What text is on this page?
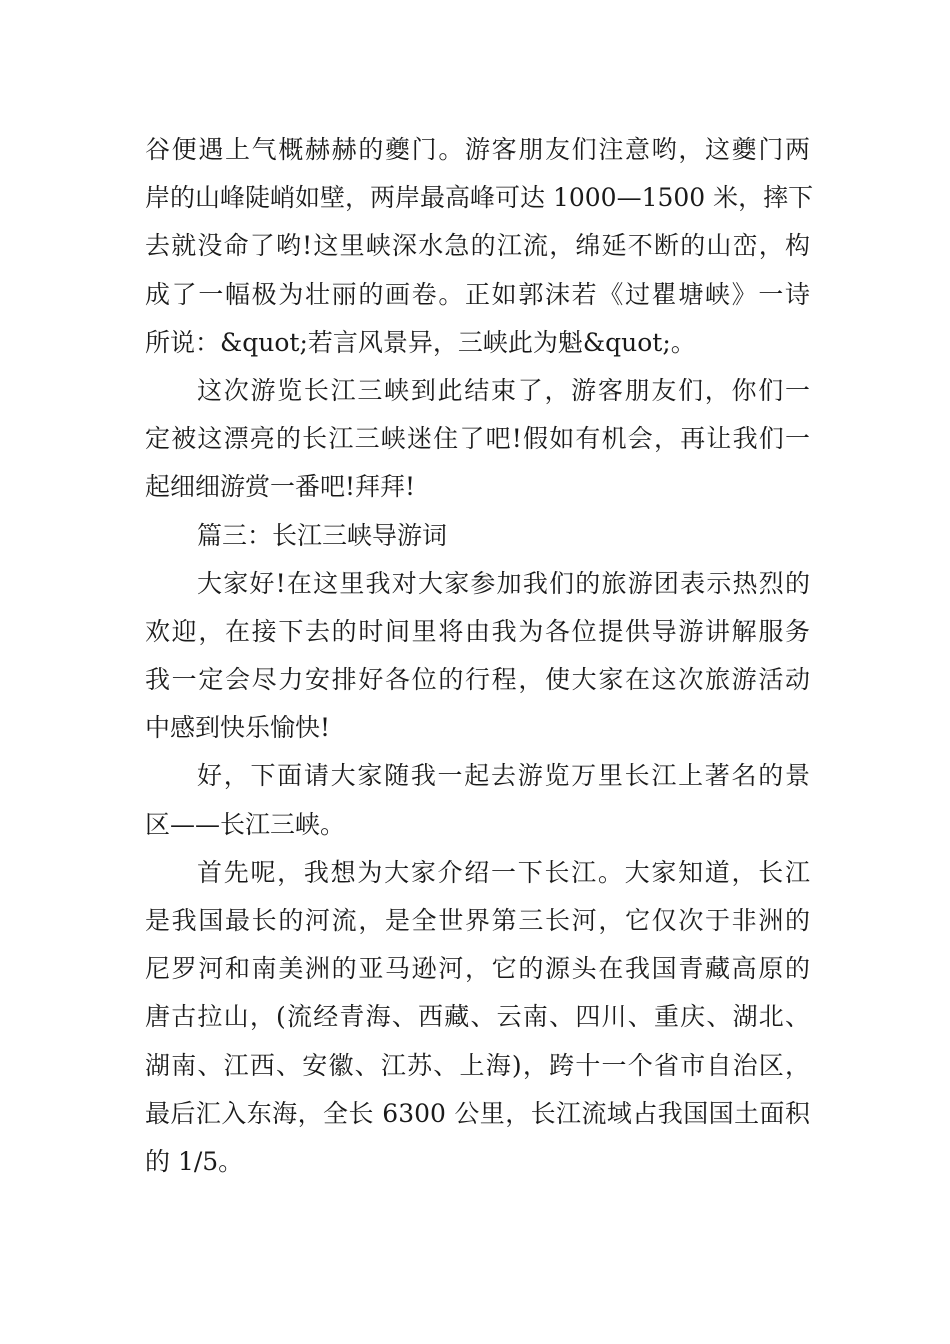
谷便遇上气概赫赫的夔门。游客朋友们注意哟，这夔门两
岸的山峰陡峭如壁，两岸最高峰可达 1000—1500 米，摔下
去就没命了哟!这里峡深水急的江流，绵延不断的山峦，构
成了一幅极为壮丽的画卷。正如郭沫若《过瞿塘峡》一诗
所说：&quot;若言风景异，三峡此为魁&quot;。
这次游览长江三峡到此结束了，游客朋友们，你们一
定被这漂亮的长江三峡迷住了吧!假如有机会，再让我们一
起细细游赏一番吧!拜拜!
篇三：长江三峡导游词
大家好!在这里我对大家参加我们的旅游团表示热烈的
欢迎，在接下去的时间里将由我为各位提供导游讲解服务
我一定会尽力安排好各位的行程，使大家在这次旅游活动
中感到快乐愉快!
好，下面请大家随我一起去游览万里长江上著名的景
区——长江三峡。
首先呢，我想为大家介绍一下长江。大家知道，长江
是我国最长的河流，是全世界第三长河，它仅次于非洲的
尼罗河和南美洲的亚马逊河，它的源头在我国青藏高原的
唐古拉山，(流经青海、西藏、云南、四川、重庆、湖北、
湖南、江西、安徽、江苏、上海)，跨十一个省市自治区，
最后汇入东海，全长 6300 公里，长江流域占我国国土面积
的 1/5。
